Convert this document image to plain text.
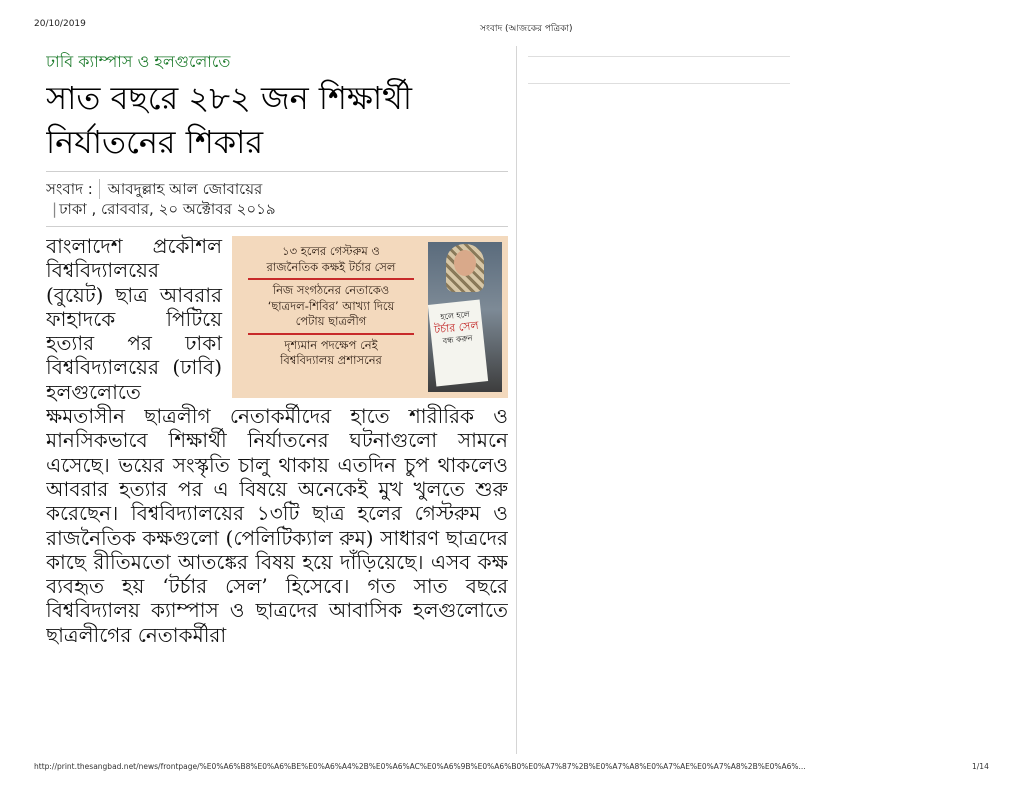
20/10/2019	সংবাদ (আজকের পত্রিকা)

ঢাবি ক্যাম্পাস ও হলগুলোতে

সাত বছরে ২৮২ জন শিক্ষার্থী নির্যাতনের শিকার
সংবাদ :	আবদুল্লাহ আল জোবায়ের
| ঢাকা , রোববার, ২০ অক্টোবর ২০১৯
১৩ হলের গেস্টরুম ও
রাজনৈতিক কক্ষই টর্চার সেল
নিজ সংগঠনের নেতাকেও
‘ছাত্রদল-শিবির’ আখ্যা দিয়ে
পেটায় ছাত্রলীগ
দৃশ্যমান পদক্ষেপ নেই
বিশ্ববিদ্যালয় প্রশাসনের
হলে হলে
টর্চার সেল
বন্ধ করুন

বাংলাদেশ প্রকৌশল বিশ্ববিদ্যালয়ের (বুয়েট) ছাত্র আবরার ফাহাদকে পিটিয়ে হত্যার পর ঢাকা বিশ্ববিদ্যালয়ের (ঢাবি) হলগুলোতে ক্ষমতাসীন ছাত্রলীগ নেতাকর্মীদের হাতে শারীরিক ও মানসিকভাবে শিক্ষার্থী নির্যাতনের ঘটনাগুলো সামনে এসেছে। ভয়ের সংস্কৃতি চালু থাকায় এতদিন চুপ থাকলেও আবরার হত্যার পর এ বিষয়ে অনেকেই মুখ খুলতে শুরু করেছেন। বিশ্ববিদ্যালয়ের ১৩টি ছাত্র হলের গেস্টরুম ও রাজনৈতিক কক্ষগুলো (পেলিটিক্যাল রুম) সাধারণ ছাত্রদের কাছে রীতিমতো আতঙ্কের বিষয় হয়ে দাঁড়িয়েছে। এসব কক্ষ ব্যবহৃত হয় ‘টর্চার সেল’ হিসেবে। গত সাত বছরে বিশ্ববিদ্যালয় ক্যাম্পাস ও ছাত্রদের আবাসিক হলগুলোতে ছাত্রলীগের নেতাকর্মীরা

http://print.thesangbad.net/news/frontpage/%E0%A6%B8%E0%A6%BE%E0%A6%A4%2B%E0%A6%AC%E0%A6%9B%E0%A6%B0%E0%A7%87%2B%E0%A7%A8%E0%A7%AE%E0%A7%A8%2B%E0%A6%...	1/14
